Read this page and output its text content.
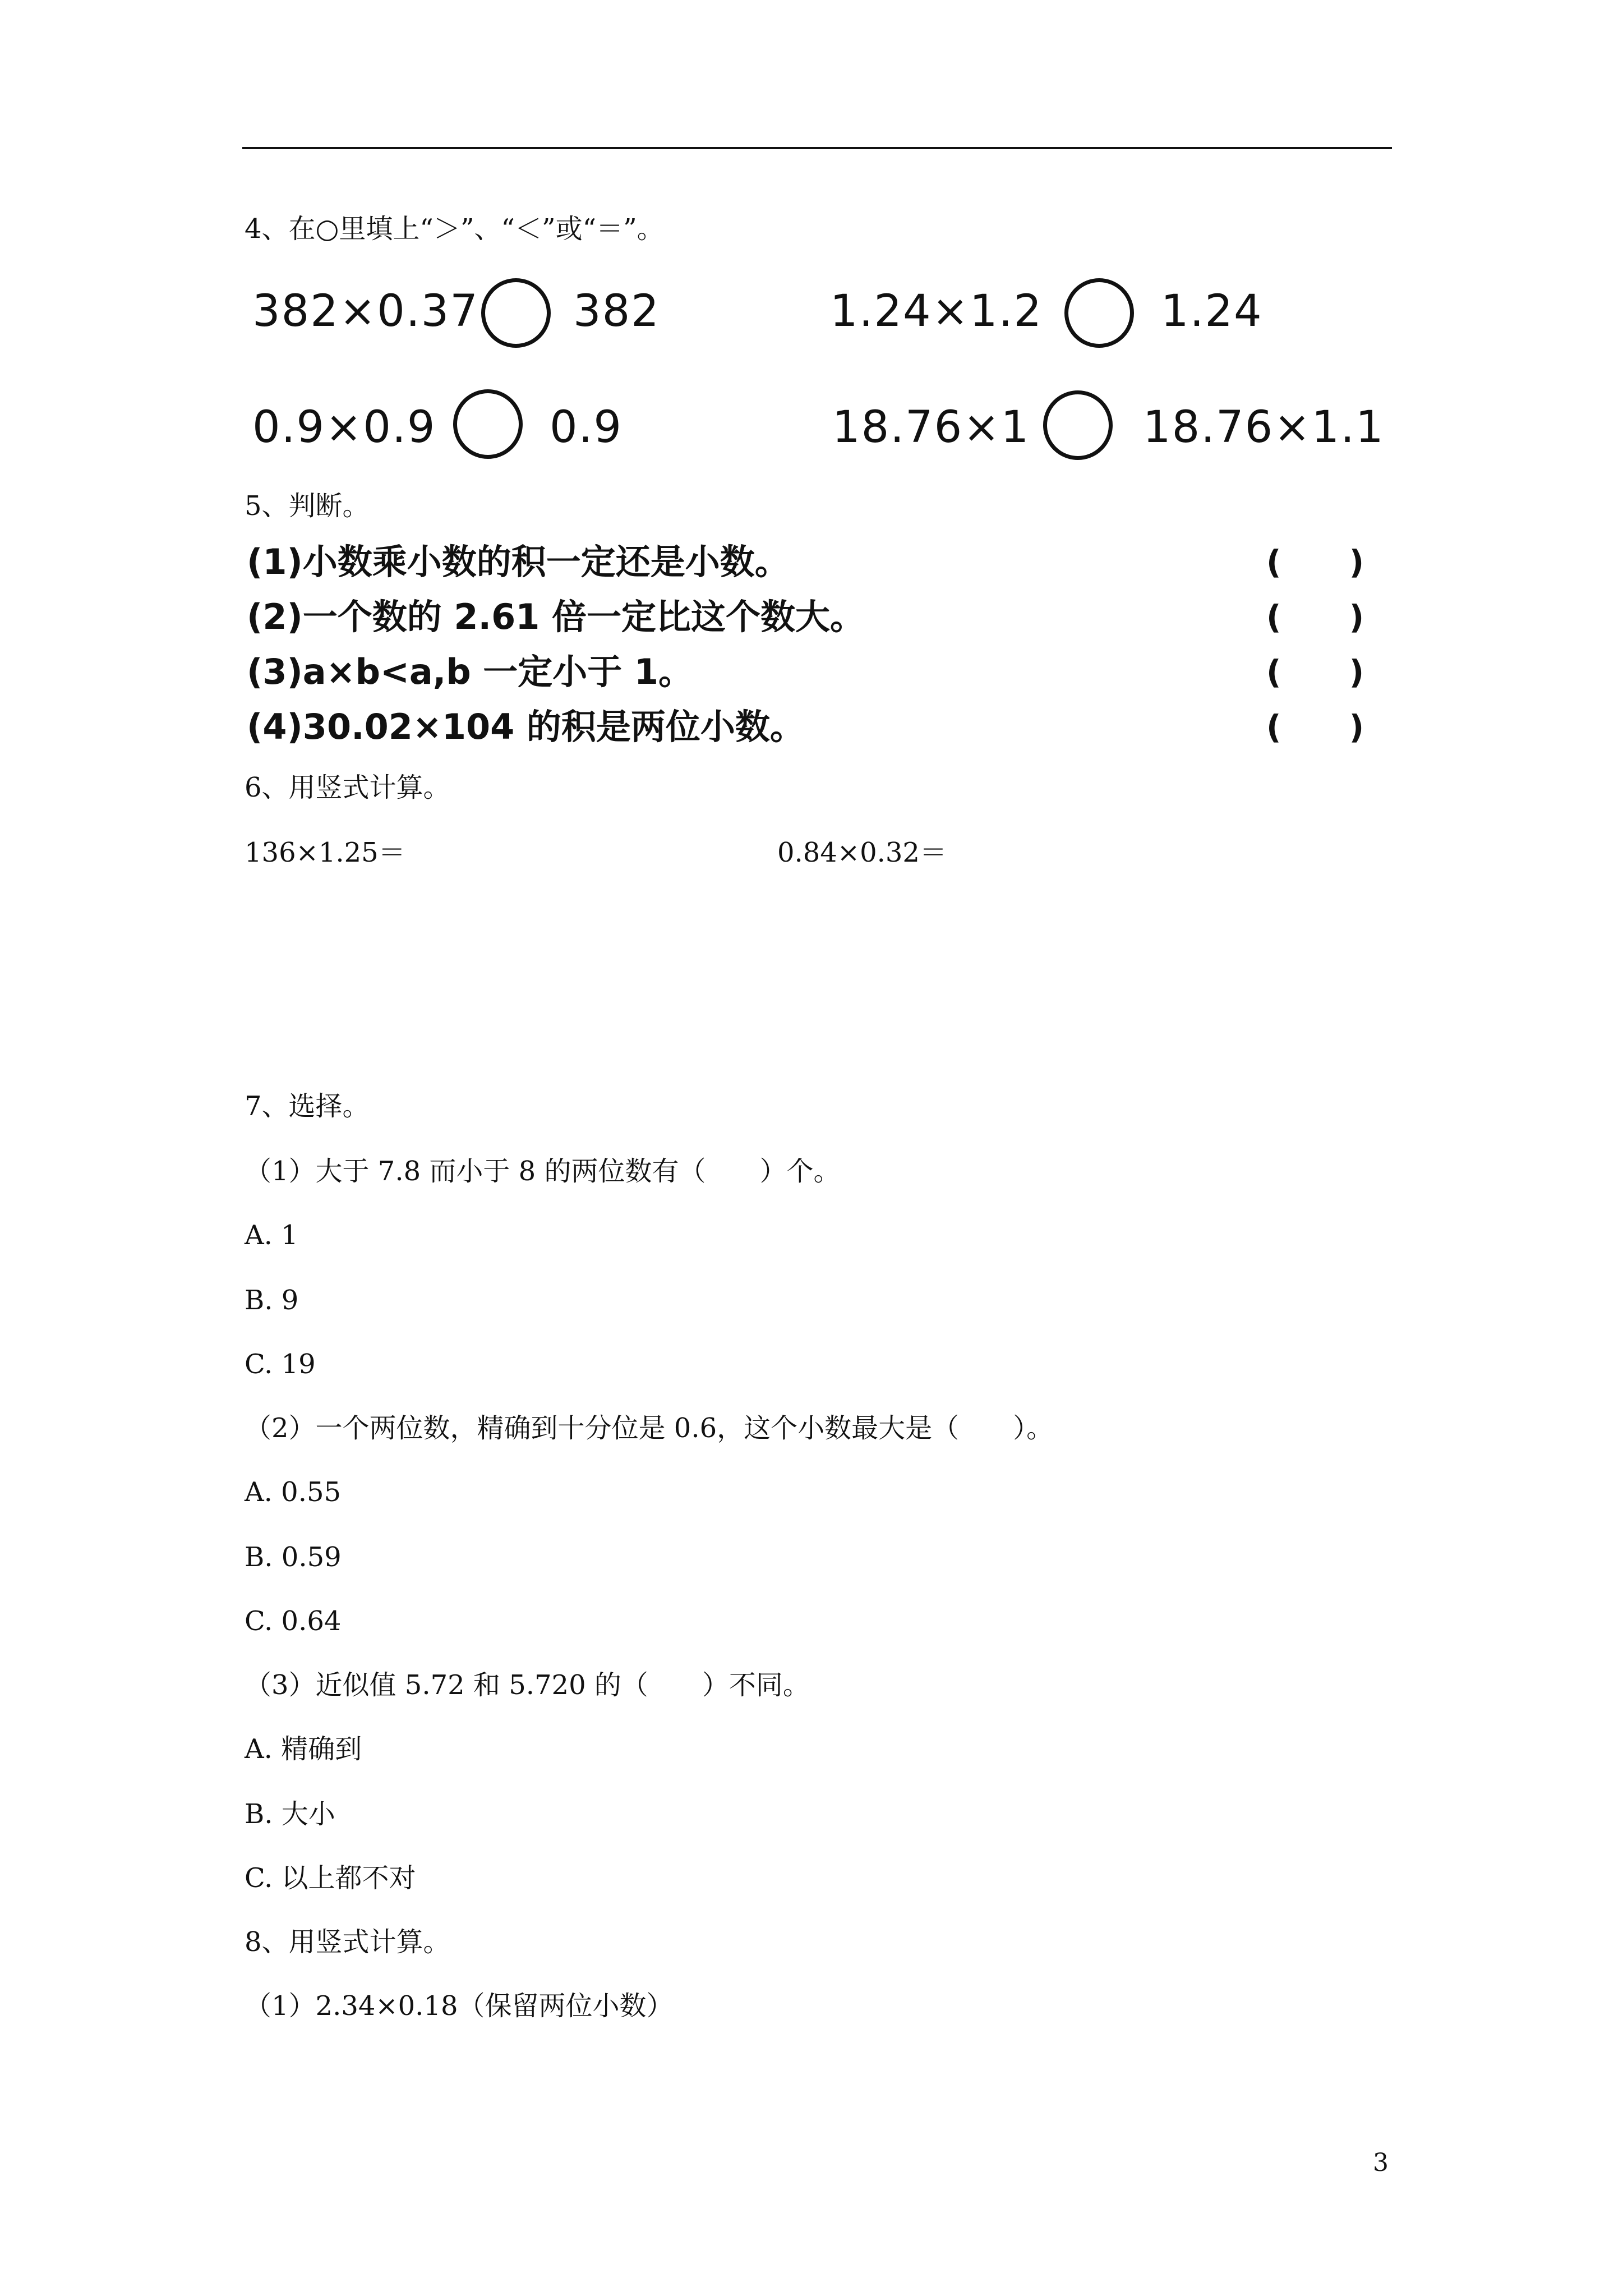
4、在○里填上“＞”、“＜”或“＝”。
382×0.37 382	1.24×1.2	1.24
0.9×0.9	0.9	18.76×1	18.76×1.1
5、判断。
(1)小数乘小数的积一定还是小数。	(      )
(2)一个数的 2.61 倍一定比这个数大。	(      )
(3)a×b<a,b 一定小于 1。	(      )
(4)30.02×104 的积是两位小数。	(      )
6、用竖式计算。
136×1.25＝	0.84×0.32＝
7、选择。
（1）大于 7.8 而小于 8 的两位数有（　　）个。
A. 1
B. 9
C. 19
（2）一个两位数，精确到十分位是 0.6，这个小数最大是（　　）。
A. 0.55
B. 0.59
C. 0.64
（3）近似值 5.72 和 5.720 的（　　）不同。
A. 精确到
B. 大小
C. 以上都不对
8、用竖式计算。
（1）2.34×0.18（保留两位小数）
3
